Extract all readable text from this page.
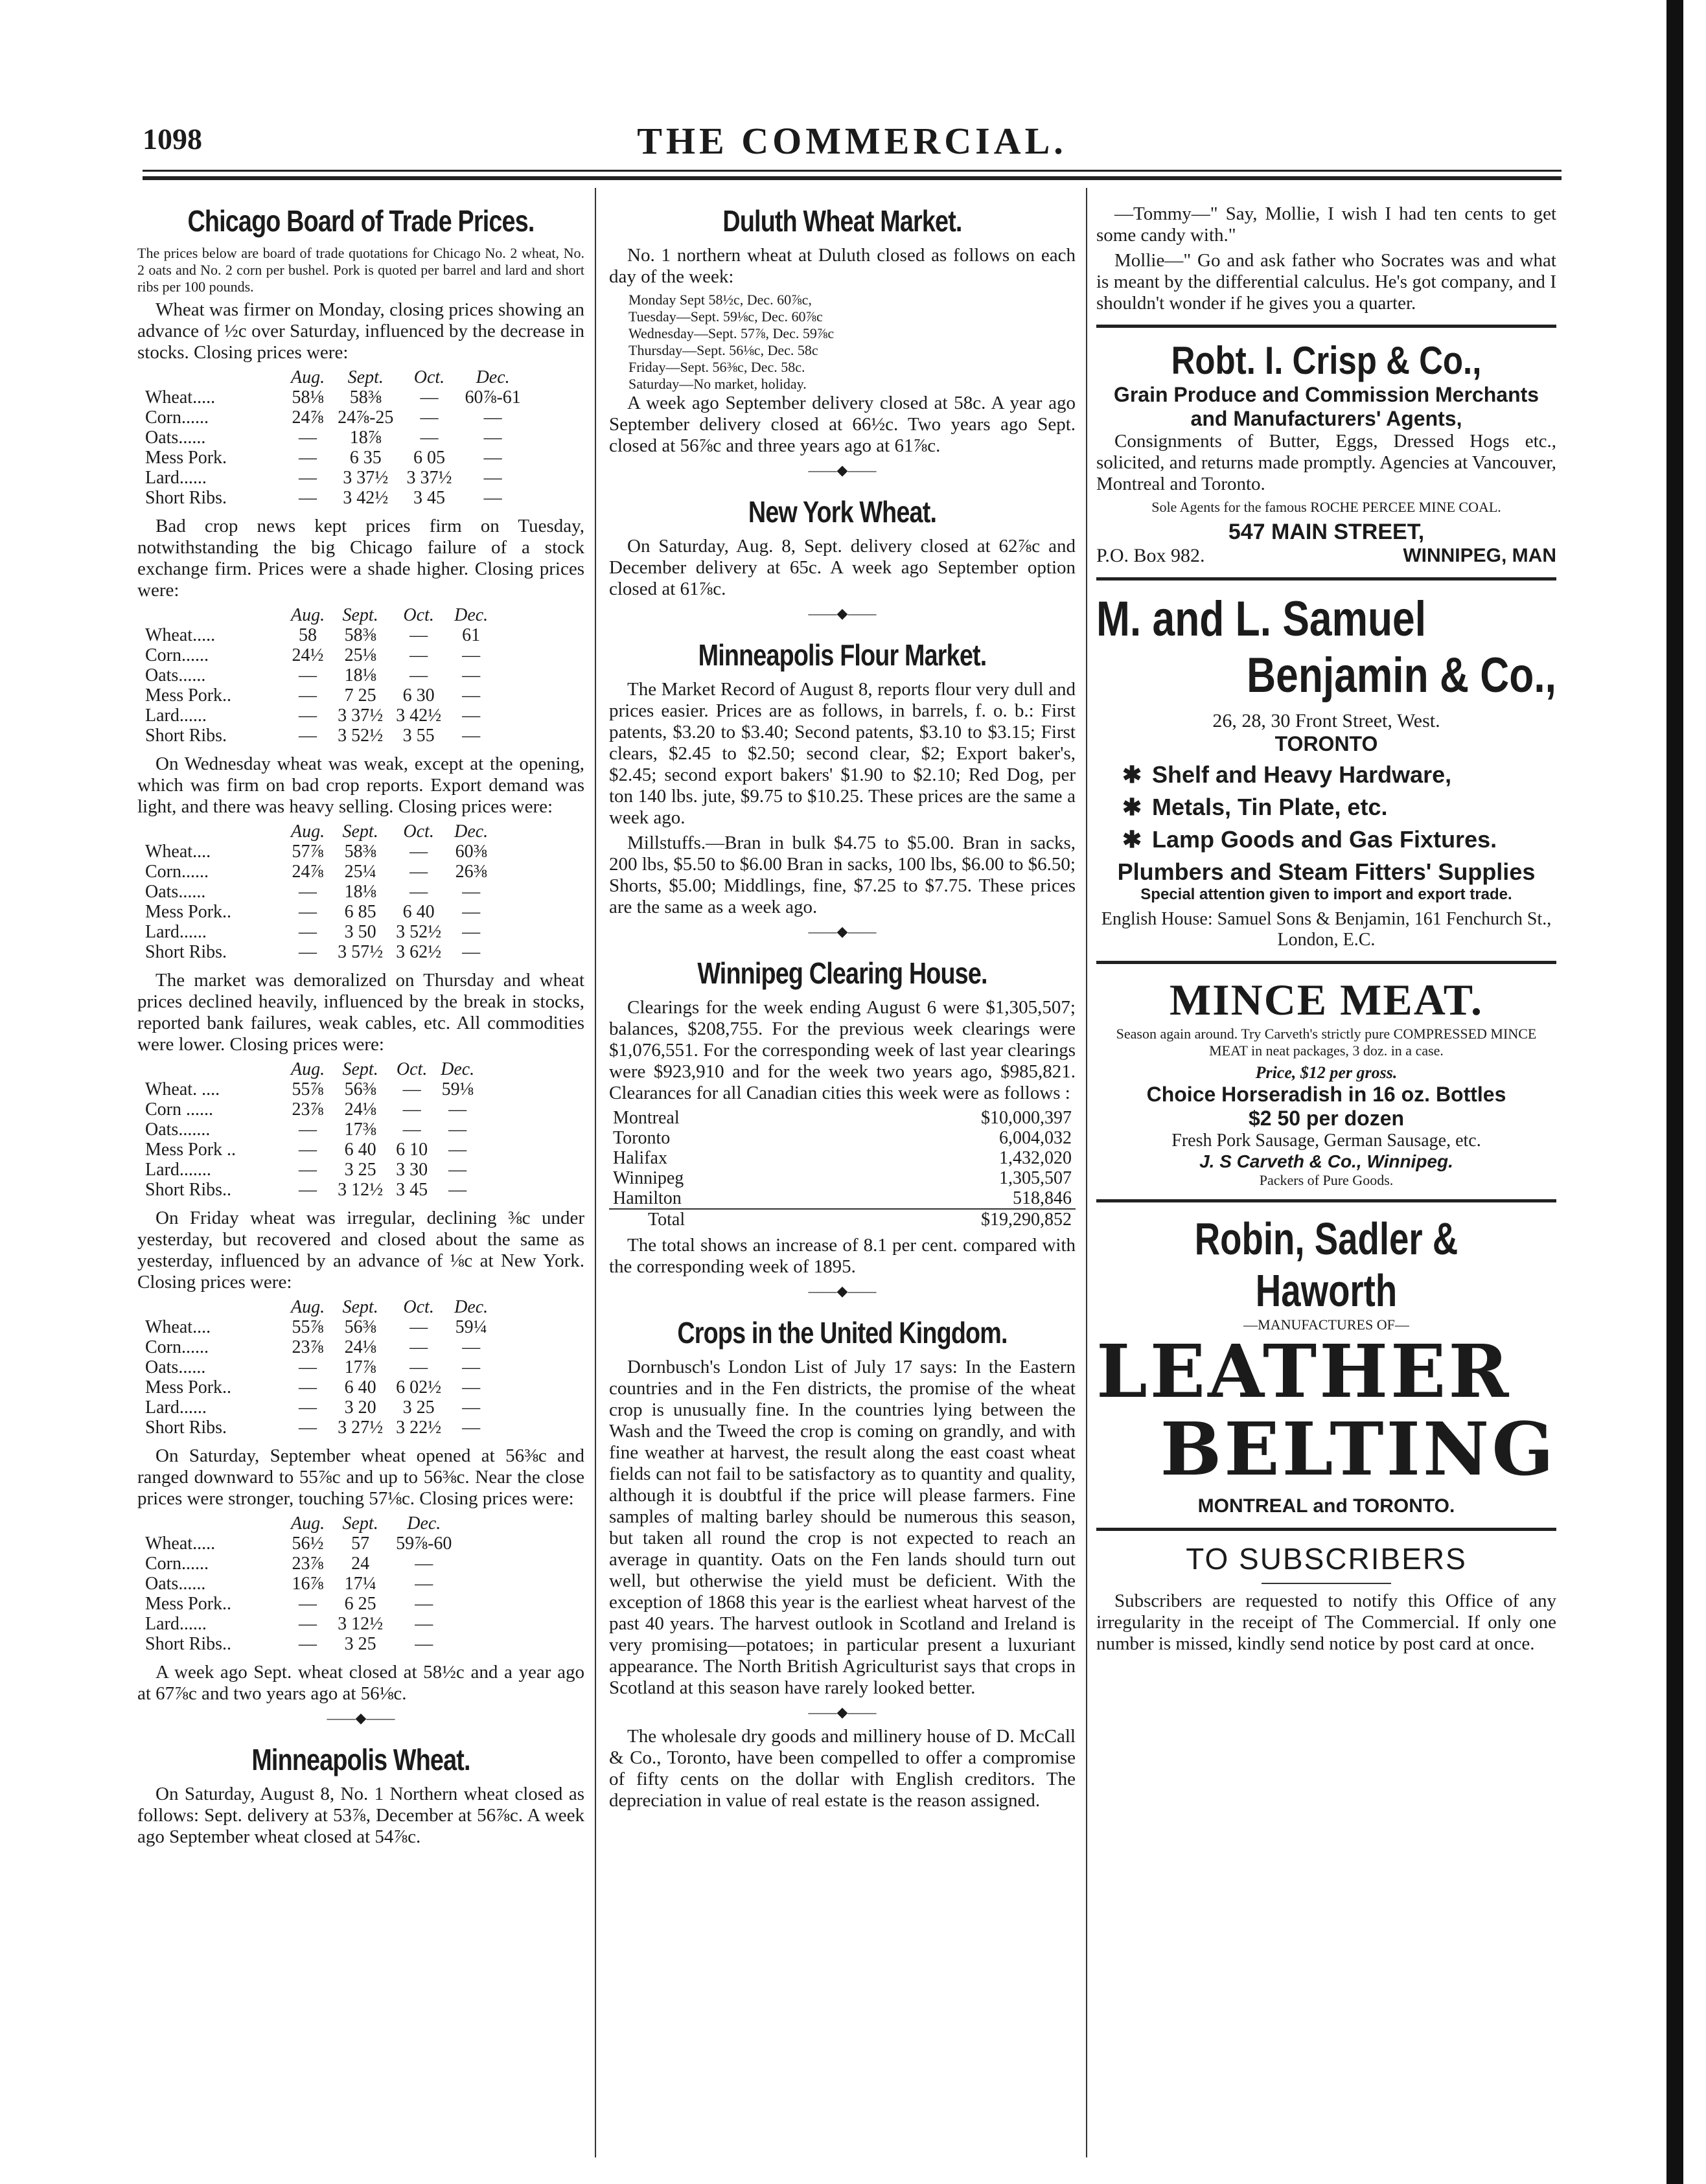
1098	THE COMMERCIAL.
Chicago Board of Trade Prices.

The prices below are board of trade quotations for Chicago No. 2 wheat, No. 2 oats and No. 2 corn per bushel. Pork is quoted per barrel and lard and short ribs per 100 pounds.

Wheat was firmer on Monday, closing prices showing an advance of ½c over Saturday, influenced by the decrease in stocks. Closing prices were:

	Aug.	Sept.	Oct.	Dec.
Wheat.....	58⅛	58⅜	—	60⅞-61
Corn......	24⅞	24⅞-25	—	—
Oats......	—	18⅞	—	—
Mess Pork.	—	6 35	6 05	—
Lard......	—	3 37½	3 37½	—
Short Ribs.	—	3 42½	3 45	—

Bad crop news kept prices firm on Tuesday, notwithstanding the big Chicago failure of a stock exchange firm. Prices were a shade higher. Closing prices were:

	Aug.	Sept.	Oct.	Dec.
Wheat.....	58	58⅜	—	61
Corn......	24½	25⅛	—	—
Oats......	—	18⅛	—	—
Mess Pork..	—	7 25	6 30	—
Lard......	—	3 37½	3 42½	—
Short Ribs.	—	3 52½	3 55	—

On Wednesday wheat was weak, except at the opening, which was firm on bad crop reports. Export demand was light, and there was heavy selling. Closing prices were:

	Aug.	Sept.	Oct.	Dec.
Wheat....	57⅞	58⅜	—	60⅜
Corn......	24⅞	25¼	—	26⅜
Oats......	—	18⅛	—	—
Mess Pork..	—	6 85	6 40	—
Lard......	—	3 50	3 52½	—
Short Ribs.	—	3 57½	3 62½	—

The market was demoralized on Thursday and wheat prices declined heavily, influenced by the break in stocks, reported bank failures, weak cables, etc. All commodities were lower. Closing prices were:

	Aug.	Sept.	Oct.	Dec.
Wheat. ....	55⅞	56⅜	—	59⅛
Corn ......	23⅞	24⅛	—	—
Oats.......	—	17⅜	—	—
Mess Pork ..	—	6 40	6 10	—
Lard.......	—	3 25	3 30	—
Short Ribs..	—	3 12½	3 45	—

On Friday wheat was irregular, declining ⅜c under yesterday, but recovered and closed about the same as yesterday, influenced by an advance of ⅛c at New York. Closing prices were:

	Aug.	Sept.	Oct.	Dec.
Wheat....	55⅞	56⅜	—	59¼
Corn......	23⅞	24⅛	—	—
Oats......	—	17⅞	—	—
Mess Pork..	—	6 40	6 02½	—
Lard......	—	3 20	3 25	—
Short Ribs.	—	3 27½	3 22½	—

On Saturday, September wheat opened at 56⅜c and ranged downward to 55⅞c and up to 56⅜c. Near the close prices were stronger, touching 57⅛c. Closing prices were:

	Aug.	Sept.	Dec.	
Wheat.....	56½	57	59⅞-60	
Corn......	23⅞	24	—	
Oats......	16⅞	17¼	—	
Mess Pork..	—	6 25	—	
Lard......	—	3 12½	—	
Short Ribs..	—	3 25	—	

A week ago Sept. wheat closed at 58½c and a year ago at 67⅞c and two years ago at 56⅛c.

——◆——
Minneapolis Wheat.

On Saturday, August 8, No. 1 Northern wheat closed as follows: Sept. delivery at 53⅞, December at 56⅞c. A week ago September wheat closed at 54⅞c.

Duluth Wheat Market.

No. 1 northern wheat at Duluth closed as follows on each day of the week:

Monday Sept 58½c, Dec. 60⅞c,
Tuesday—Sept. 59⅛c, Dec. 60⅞c
Wednesday—Sept. 57⅞, Dec. 59⅞c
Thursday—Sept. 56⅛c, Dec. 58c
Friday—Sept. 56⅜c, Dec. 58c.
Saturday—No market, holiday.

A week ago September delivery closed at 58c. A year ago September delivery closed at 66½c. Two years ago Sept. closed at 56⅞c and three years ago at 61⅞c.

——◆——
New York Wheat.

On Saturday, Aug. 8, Sept. delivery closed at 62⅞c and December delivery at 65c. A week ago September option closed at 61⅞c.

——◆——
Minneapolis Flour Market.

The Market Record of August 8, reports flour very dull and prices easier. Prices are as follows, in barrels, f. o. b.: First patents, $3.20 to $3.40; Second patents, $3.10 to $3.15; First clears, $2.45 to $2.50; second clear, $2; Export baker's, $2.45; second export bakers' $1.90 to $2.10; Red Dog, per ton 140 lbs. jute, $9.75 to $10.25. These prices are the same a week ago.

Millstuffs.—Bran in bulk $4.75 to $5.00. Bran in sacks, 200 lbs, $5.50 to $6.00 Bran in sacks, 100 lbs, $6.00 to $6.50; Shorts, $5.00; Middlings, fine, $7.25 to $7.75. These prices are the same as a week ago.

——◆——
Winnipeg Clearing House.

Clearings for the week ending August 6 were $1,305,507; balances, $208,755. For the previous week clearings were $1,076,551. For the corresponding week of last year clearings were $923,910 and for the week two years ago, $985,821. Clearances for all Canadian cities this week were as follows :

Montreal	$10,000,397
Toronto	6,004,032
Halifax	1,432,020
Winnipeg	1,305,507
Hamilton	518,846
Total	$19,290,852

The total shows an increase of 8.1 per cent. compared with the corresponding week of 1895.

——◆——
Crops in the United Kingdom.

Dornbusch's London List of July 17 says: In the Eastern countries and in the Fen districts, the promise of the wheat crop is unusually fine. In the countries lying between the Wash and the Tweed the crop is coming on grandly, and with fine weather at harvest, the result along the east coast wheat fields can not fail to be satisfactory as to quantity and quality, although it is doubtful if the price will please farmers. Fine samples of malting barley should be numerous this season, but taken all round the crop is not expected to reach an average in quantity. Oats on the Fen lands should turn out well, but otherwise the yield must be deficient. With the exception of 1868 this year is the earliest wheat harvest of the past 40 years. The harvest outlook in Scotland and Ireland is very promising—potatoes; in particular present a luxuriant appearance. The North British Agriculturist says that crops in Scotland at this season have rarely looked better.

——◆——

The wholesale dry goods and millinery house of D. McCall & Co., Toronto, have been compelled to offer a compromise of fifty cents on the dollar with English creditors. The depreciation in value of real estate is the reason assigned.

—Tommy—" Say, Mollie, I wish I had ten cents to get some candy with."

Mollie—" Go and ask father who Socrates was and what is meant by the differential calculus. He's got company, and I shouldn't wonder if he gives you a quarter.

Robt. I. Crisp & Co.,
Grain Produce and Commission Merchants
and Manufacturers' Agents,

Consignments of Butter, Eggs, Dressed Hogs etc., solicited, and returns made promptly. Agencies at Vancouver, Montreal and Toronto.

Sole Agents for the famous ROCHE PERCEE MINE COAL.
547 MAIN STREET,
P.O. Box 982.	WINNIPEG, MAN
M. and L. Samuel
Benjamin & Co.,
26, 28, 30 Front Street, West.
TORONTO
✱ Shelf and Heavy Hardware,
✱ Metals, Tin Plate, etc.
✱ Lamp Goods and Gas Fixtures.
Plumbers and Steam Fitters' Supplies
Special attention given to import and export trade.
English House: Samuel Sons & Benjamin, 161 Fenchurch St., London, E.C.
MINCE MEAT.

Season again around. Try Carveth's strictly pure COMPRESSED MINCE MEAT in neat packages, 3 doz. in a case.

Price, $12 per gross.
Choice Horseradish in 16 oz. Bottles
$2 50 per dozen
Fresh Pork Sausage, German Sausage, etc.
J. S Carveth & Co., Winnipeg.
Packers of Pure Goods.
Robin, Sadler & Haworth
—MANUFACTURES OF—
LEATHER
BELTING
MONTREAL and TORONTO.
TO SUBSCRIBERS

Subscribers are requested to notify this Office of any irregularity in the receipt of The Commercial. If only one number is missed, kindly send notice by post card at once.
